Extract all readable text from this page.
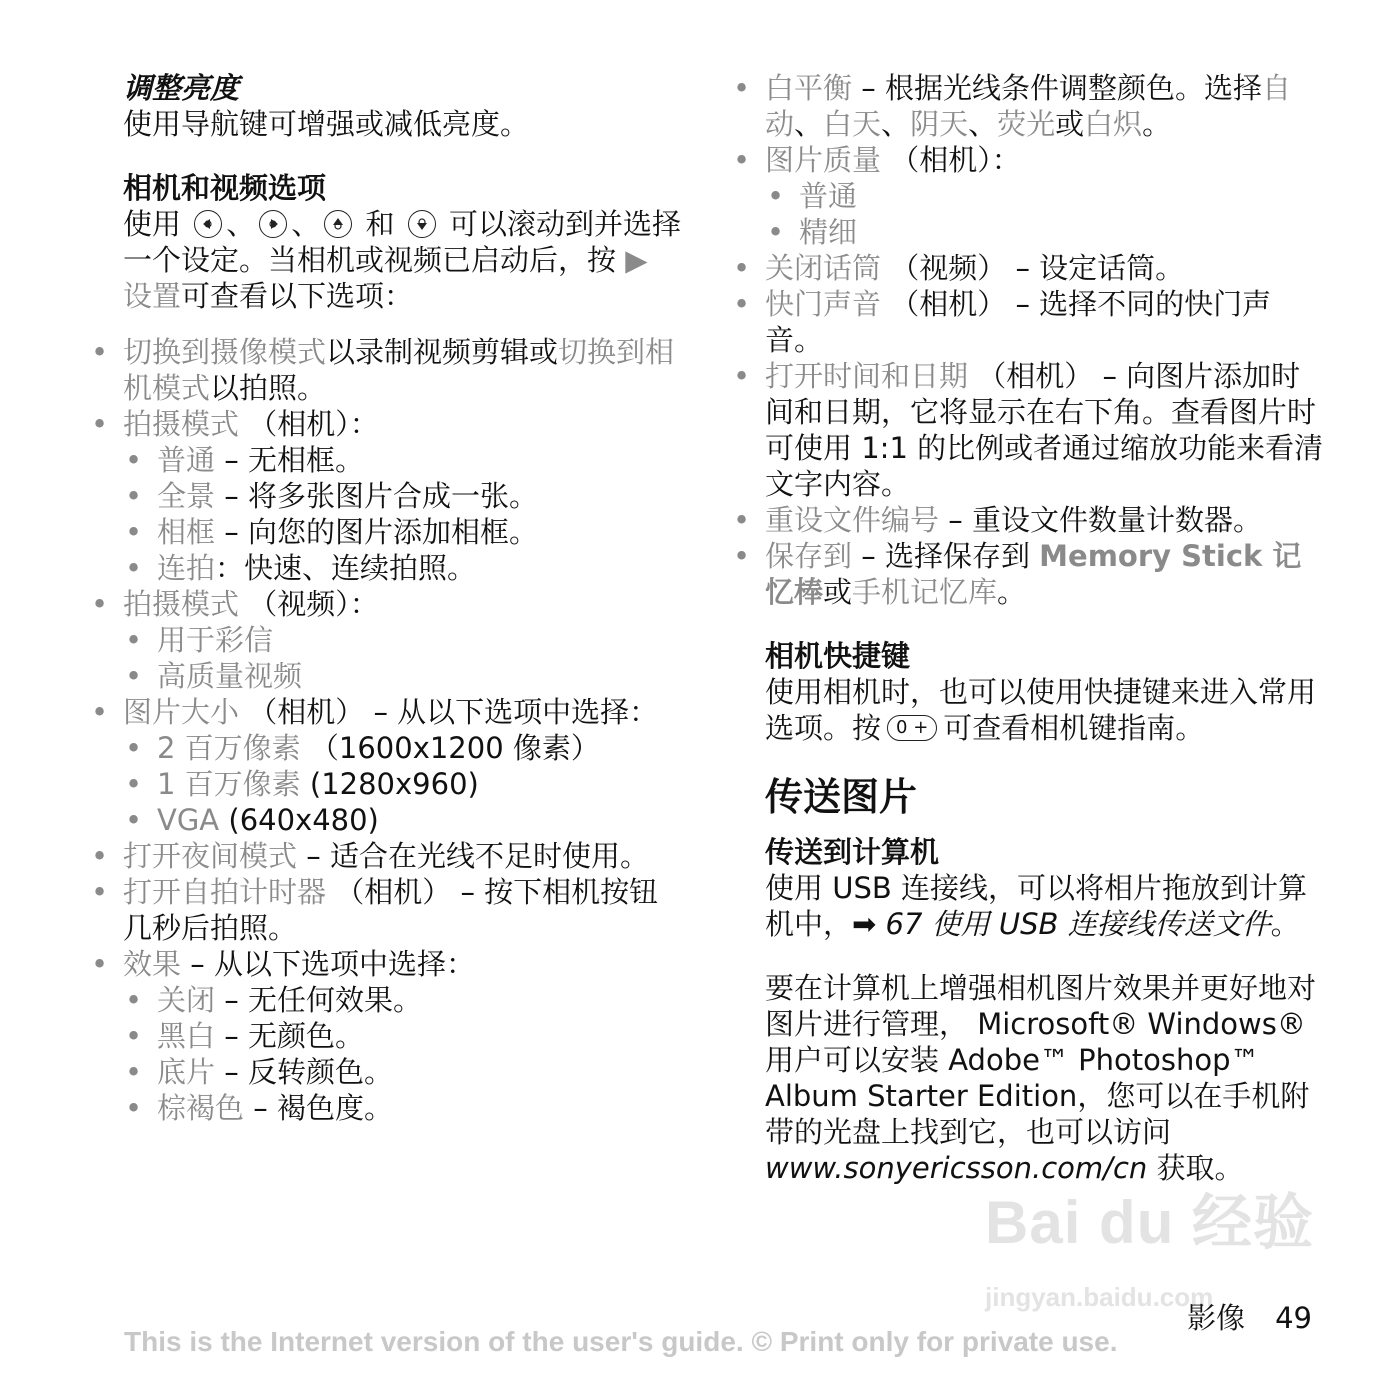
调整亮度

使用导航键可增强或减低亮度。

相机和视频选项

使用 、 、 和 可以滚动到并选择一个设定。当相机或视频已启动后，按 ▶ 设置可查看以下选项：

• 切换到摄像模式以录制视频剪辑或切换到相机模式以拍照。
• 拍摄模式 （相机）：
• 普通 – 无相框。
• 全景 – 将多张图片合成一张。
• 相框 – 向您的图片添加相框。
• 连拍：快速、连续拍照。
• 拍摄模式 （视频）：
• 用于彩信
• 高质量视频
• 图片大小 （相机） – 从以下选项中选择：
• 2 百万像素 （1600x1200 像素）
• 1 百万像素 (1280x960)
• VGA (640x480)
• 打开夜间模式 – 适合在光线不足时使用。
• 打开自拍计时器 （相机） – 按下相机按钮几秒后拍照。
• 效果 – 从以下选项中选择：
• 关闭 – 无任何效果。
• 黑白 – 无颜色。
• 底片 – 反转颜色。
• 棕褐色 – 褐色度。
• 白平衡 – 根据光线条件调整颜色。选择自动、白天、阴天、荧光或白炽。
• 图片质量 （相机）：
• 普通
• 精细
• 关闭话筒 （视频） – 设定话筒。
• 快门声音 （相机） – 选择不同的快门声音。
• 打开时间和日期 （相机） – 向图片添加时间和日期，它将显示在右下角。查看图片时可使用 1:1 的比例或者通过缩放功能来看清文字内容。
• 重设文件编号 – 重设文件数量计数器。
• 保存到 – 选择保存到 Memory Stick 记忆棒或手机记忆库。

相机快捷键

使用相机时，也可以使用快捷键来进入常用选项。按 0 + 可查看相机键指南。

传送图片

传送到计算机

使用 USB 连接线，可以将相片拖放到计算机中，➡ 67 使用 USB 连接线传送文件。

要在计算机上增强相机图片效果并更好地对图片进行管理， Microsoft® Windows® 用户可以安装 Adobe™ Photoshop™ Album Starter Edition，您可以在手机附带的光盘上找到它，也可以访问 www.sonyericsson.com/cn 获取。

Bai du 经验
jingyan.baidu.com
影像 49
This is the Internet version of the user's guide. © Print only for private use.
